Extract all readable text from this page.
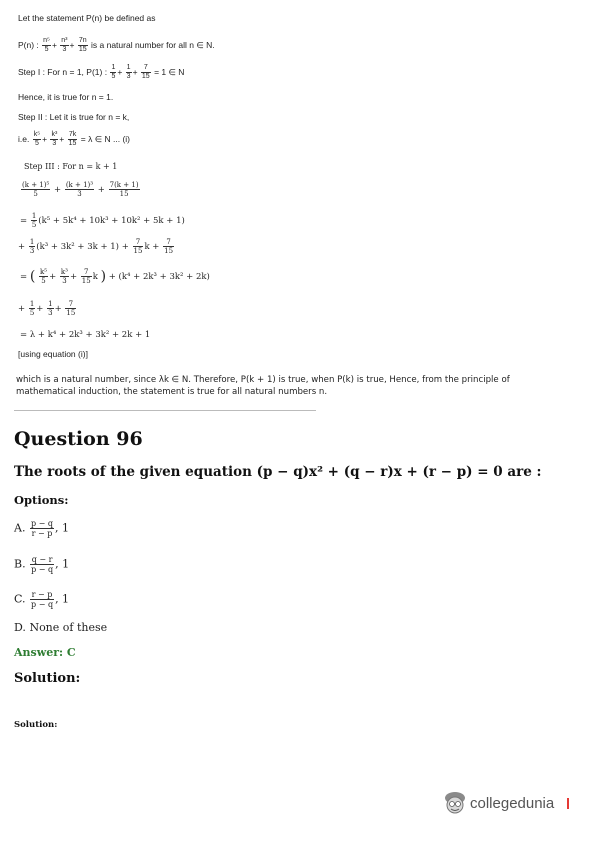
Let the statement P(n) be defined as
P(n) : $\frac{\text{n⁵}}{5} + \frac{\text{n³}}{3} + \frac{7n}{15}$ is a natural number for all n ∈ N.
Step I : For n = 1, P(1) : $\frac{1}{5} + \frac{1}{3} + \frac{7}{15} = 1$ ∈ N
Hence, it is true for n = 1.
Step II : Let it is true for n = k,
i.e. $\frac{\text{k⁵}}{5} + \frac{\text{k³}}{3} + \frac{7k}{15} = \lambda$ ∈ N ... (i)
Step III : For n = k + 1
$\frac{\text{(k + 1)⁵}}{5} + \frac{\text{(k + 1)³}}{3} + \frac{7(k + 1)}{15}$
= $\frac{1}{5} (k^5 + 5k^4 + 10k^3 + 10k^2 + 5k + 1)$
+ $\frac{1}{3} (k^3 + 3k^2 + 3k + 1) + \frac{7}{15}$ $k + \frac{7}{15}$
= ( $\frac{\text{k⁵}}{5} + \frac{\text{k³}}{3} + \frac{7}{15}$ k ) + (k⁴ + 2k³ + 3k² + 2k)
+ $\frac{1}{5} + \frac{1}{3} + \frac{7}{15}$
= λ + k⁴ + 2k³ + 3k² + 2k + 1
[using equation (i)]
which is a natural number, since λk ∈ N. Therefore, P(k + 1) is true, when P(k) is true, Hence, from the principle of mathematical induction, the statement is true for all natural numbers n.
Question 96
The roots of the given equation (p − q)x² + (q − r)x + (r − p) = 0 are :
Options:
A. $\frac{p - q}{r - p}$ , 1
B. $\frac{q - r}{p - q}$ , 1
C. $\frac{r - p}{p - q}$ , 1
D. None of these
Answer: C
Solution:
Solution:
collegedunia
